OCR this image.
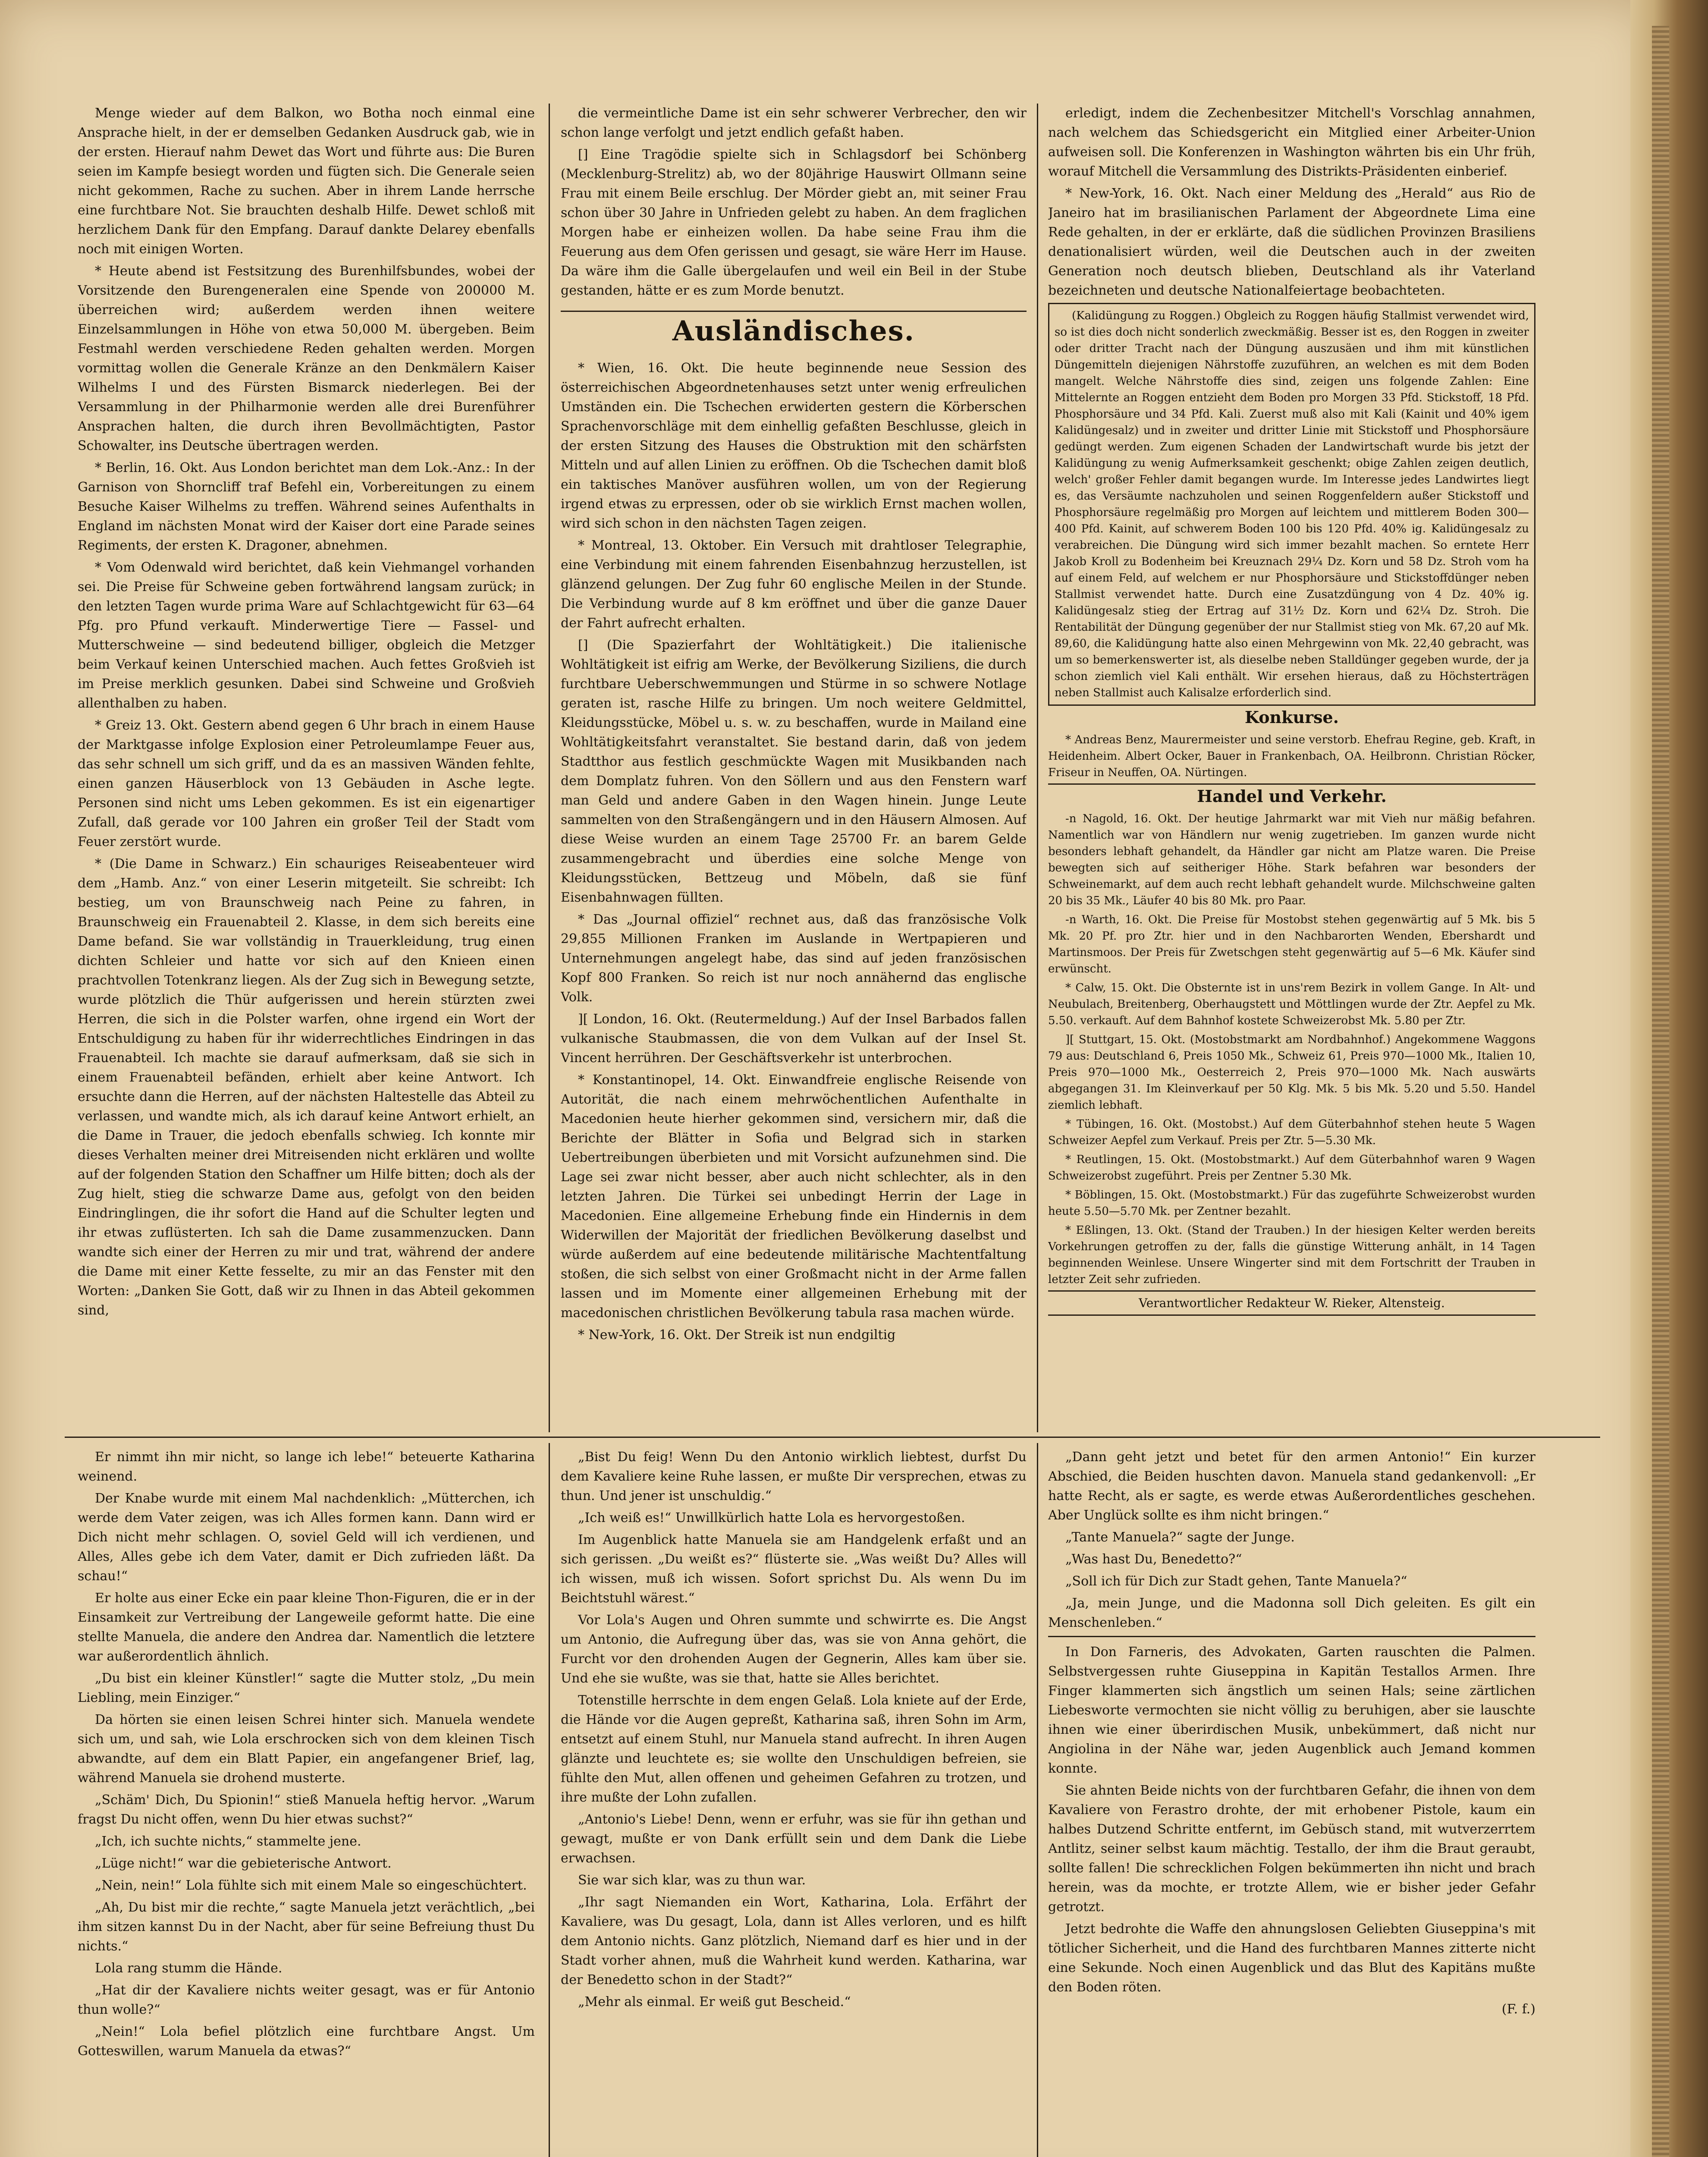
Menge wieder auf dem Balkon, wo Botha noch einmal eine Ansprache hielt, in der er demselben Gedanken Ausdruck gab, wie in der ersten. Hierauf nahm Dewet das Wort und führte aus: Die Buren seien im Kampfe besiegt worden und fügten sich. Die Generale seien nicht gekommen, Rache zu suchen. Aber in ihrem Lande herrsche eine furchtbare Not. Sie brauchten deshalb Hilfe. Dewet schloß mit herzlichem Dank für den Empfang. Darauf dankte Delarey ebenfalls noch mit einigen Worten.

* Heute abend ist Festsitzung des Burenhilfsbundes, wobei der Vorsitzende den Burengeneralen eine Spende von 200000 M. überreichen wird; außerdem werden ihnen weitere Einzelsammlungen in Höhe von etwa 50,000 M. übergeben. Beim Festmahl werden verschiedene Reden gehalten werden. Morgen vormittag wollen die Generale Kränze an den Denkmälern Kaiser Wilhelms I und des Fürsten Bismarck niederlegen. Bei der Versammlung in der Philharmonie werden alle drei Burenführer Ansprachen halten, die durch ihren Bevollmächtigten, Pastor Schowalter, ins Deutsche übertragen werden.

* Berlin, 16. Okt. Aus London berichtet man dem Lok.-Anz.: In der Garnison von Shorncliff traf Befehl ein, Vorbereitungen zu einem Besuche Kaiser Wilhelms zu treffen. Während seines Aufenthalts in England im nächsten Monat wird der Kaiser dort eine Parade seines Regiments, der ersten K. Dragoner, abnehmen.

* Vom Odenwald wird berichtet, daß kein Viehmangel vorhanden sei. Die Preise für Schweine geben fortwährend langsam zurück; in den letzten Tagen wurde prima Ware auf Schlachtgewicht für 63—64 Pfg. pro Pfund verkauft. Minderwertige Tiere — Fassel- und Mutterschweine — sind bedeutend billiger, obgleich die Metzger beim Verkauf keinen Unterschied machen. Auch fettes Großvieh ist im Preise merklich gesunken. Dabei sind Schweine und Großvieh allenthalben zu haben.

* Greiz 13. Okt. Gestern abend gegen 6 Uhr brach in einem Hause der Marktgasse infolge Explosion einer Petroleumlampe Feuer aus, das sehr schnell um sich griff, und da es an massiven Wänden fehlte, einen ganzen Häuserblock von 13 Gebäuden in Asche legte. Personen sind nicht ums Leben gekommen. Es ist ein eigenartiger Zufall, daß gerade vor 100 Jahren ein großer Teil der Stadt vom Feuer zerstört wurde.

* (Die Dame in Schwarz.) Ein schauriges Reiseabenteuer wird dem „Hamb. Anz.“ von einer Leserin mitgeteilt. Sie schreibt: Ich bestieg, um von Braunschweig nach Peine zu fahren, in Braunschweig ein Frauenabteil 2. Klasse, in dem sich bereits eine Dame befand. Sie war vollständig in Trauerkleidung, trug einen dichten Schleier und hatte vor sich auf den Knieen einen prachtvollen Totenkranz liegen. Als der Zug sich in Bewegung setzte, wurde plötzlich die Thür aufgerissen und herein stürzten zwei Herren, die sich in die Polster warfen, ohne irgend ein Wort der Entschuldigung zu haben für ihr widerrechtliches Eindringen in das Frauenabteil. Ich machte sie darauf aufmerksam, daß sie sich in einem Frauenabteil befänden, erhielt aber keine Antwort. Ich ersuchte dann die Herren, auf der nächsten Haltestelle das Abteil zu verlassen, und wandte mich, als ich darauf keine Antwort erhielt, an die Dame in Trauer, die jedoch ebenfalls schwieg. Ich konnte mir dieses Verhalten meiner drei Mitreisenden nicht erklären und wollte auf der folgenden Station den Schaffner um Hilfe bitten; doch als der Zug hielt, stieg die schwarze Dame aus, gefolgt von den beiden Eindringlingen, die ihr sofort die Hand auf die Schulter legten und ihr etwas zuflüsterten. Ich sah die Dame zusammenzucken. Dann wandte sich einer der Herren zu mir und trat, während der andere die Dame mit einer Kette fesselte, zu mir an das Fenster mit den Worten: „Danken Sie Gott, daß wir zu Ihnen in das Abteil gekommen sind,

die vermeintliche Dame ist ein sehr schwerer Verbrecher, den wir schon lange verfolgt und jetzt endlich gefaßt haben.

[] Eine Tragödie spielte sich in Schlagsdorf bei Schönberg (Mecklenburg-Strelitz) ab, wo der 80jährige Hauswirt Ollmann seine Frau mit einem Beile erschlug. Der Mörder giebt an, mit seiner Frau schon über 30 Jahre in Unfrieden gelebt zu haben. An dem fraglichen Morgen habe er einheizen wollen. Da habe seine Frau ihm die Feuerung aus dem Ofen gerissen und gesagt, sie wäre Herr im Hause. Da wäre ihm die Galle übergelaufen und weil ein Beil in der Stube gestanden, hätte er es zum Morde benutzt.

Ausländisches.

* Wien, 16. Okt. Die heute beginnende neue Session des österreichischen Abgeordnetenhauses setzt unter wenig erfreulichen Umständen ein. Die Tschechen erwiderten gestern die Körberschen Sprachenvorschläge mit dem einhellig gefaßten Beschlusse, gleich in der ersten Sitzung des Hauses die Obstruktion mit den schärfsten Mitteln und auf allen Linien zu eröffnen. Ob die Tschechen damit bloß ein taktisches Manöver ausführen wollen, um von der Regierung irgend etwas zu erpressen, oder ob sie wirklich Ernst machen wollen, wird sich schon in den nächsten Tagen zeigen.

* Montreal, 13. Oktober. Ein Versuch mit drahtloser Telegraphie, eine Verbindung mit einem fahrenden Eisenbahnzug herzustellen, ist glänzend gelungen. Der Zug fuhr 60 englische Meilen in der Stunde. Die Verbindung wurde auf 8 km eröffnet und über die ganze Dauer der Fahrt aufrecht erhalten.

[] (Die Spazierfahrt der Wohltätigkeit.) Die italienische Wohltätigkeit ist eifrig am Werke, der Bevölkerung Siziliens, die durch furchtbare Ueberschwemmungen und Stürme in so schwere Notlage geraten ist, rasche Hilfe zu bringen. Um noch weitere Geldmittel, Kleidungsstücke, Möbel u. s. w. zu beschaffen, wurde in Mailand eine Wohltätigkeitsfahrt veranstaltet. Sie bestand darin, daß von jedem Stadtthor aus festlich geschmückte Wagen mit Musikbanden nach dem Domplatz fuhren. Von den Söllern und aus den Fenstern warf man Geld und andere Gaben in den Wagen hinein. Junge Leute sammelten von den Straßengängern und in den Häusern Almosen. Auf diese Weise wurden an einem Tage 25700 Fr. an barem Gelde zusammengebracht und überdies eine solche Menge von Kleidungsstücken, Bettzeug und Möbeln, daß sie fünf Eisenbahnwagen füllten.

* Das „Journal offiziel“ rechnet aus, daß das französische Volk 29,855 Millionen Franken im Auslande in Wertpapieren und Unternehmungen angelegt habe, das sind auf jeden französischen Kopf 800 Franken. So reich ist nur noch annähernd das englische Volk.

][ London, 16. Okt. (Reutermeldung.) Auf der Insel Barbados fallen vulkanische Staubmassen, die von dem Vulkan auf der Insel St. Vincent herrühren. Der Geschäftsverkehr ist unterbrochen.

* Konstantinopel, 14. Okt. Einwandfreie englische Reisende von Autorität, die nach einem mehrwöchentlichen Aufenthalte in Macedonien heute hierher gekommen sind, versichern mir, daß die Berichte der Blätter in Sofia und Belgrad sich in starken Uebertreibungen überbieten und mit Vorsicht aufzunehmen sind. Die Lage sei zwar nicht besser, aber auch nicht schlechter, als in den letzten Jahren. Die Türkei sei unbedingt Herrin der Lage in Macedonien. Eine allgemeine Erhebung finde ein Hindernis in dem Widerwillen der Majorität der friedlichen Bevölkerung daselbst und würde außerdem auf eine bedeutende militärische Machtentfaltung stoßen, die sich selbst von einer Großmacht nicht in der Arme fallen lassen und im Momente einer allgemeinen Erhebung mit der macedonischen christlichen Bevölkerung tabula rasa machen würde.

* New-York, 16. Okt. Der Streik ist nun endgiltig

erledigt, indem die Zechenbesitzer Mitchell's Vorschlag annahmen, nach welchem das Schiedsgericht ein Mitglied einer Arbeiter-Union aufweisen soll. Die Konferenzen in Washington währten bis ein Uhr früh, worauf Mitchell die Versammlung des Distrikts-Präsidenten einberief.

* New-York, 16. Okt. Nach einer Meldung des „Herald“ aus Rio de Janeiro hat im brasilianischen Parlament der Abgeordnete Lima eine Rede gehalten, in der er erklärte, daß die südlichen Provinzen Brasiliens denationalisiert würden, weil die Deutschen auch in der zweiten Generation noch deutsch blieben, Deutschland als ihr Vaterland bezeichneten und deutsche Nationalfeiertage beobachteten.

(Kalidüngung zu Roggen.) Obgleich zu Roggen häufig Stallmist verwendet wird, so ist dies doch nicht sonderlich zweckmäßig. Besser ist es, den Roggen in zweiter oder dritter Tracht nach der Düngung auszusäen und ihm mit künstlichen Düngemitteln diejenigen Nährstoffe zuzuführen, an welchen es mit dem Boden mangelt. Welche Nährstoffe dies sind, zeigen uns folgende Zahlen: Eine Mittelernte an Roggen entzieht dem Boden pro Morgen 33 Pfd. Stickstoff, 18 Pfd. Phosphorsäure und 34 Pfd. Kali. Zuerst muß also mit Kali (Kainit und 40% igem Kalidüngesalz) und in zweiter und dritter Linie mit Stickstoff und Phosphorsäure gedüngt werden. Zum eigenen Schaden der Landwirtschaft wurde bis jetzt der Kalidüngung zu wenig Aufmerksamkeit geschenkt; obige Zahlen zeigen deutlich, welch' großer Fehler damit begangen wurde. Im Interesse jedes Landwirtes liegt es, das Versäumte nachzuholen und seinen Roggenfeldern außer Stickstoff und Phosphorsäure regelmäßig pro Morgen auf leichtem und mittlerem Boden 300—400 Pfd. Kainit, auf schwerem Boden 100 bis 120 Pfd. 40% ig. Kalidüngesalz zu verabreichen. Die Düngung wird sich immer bezahlt machen. So erntete Herr Jakob Kroll zu Bodenheim bei Kreuznach 29¼ Dz. Korn und 58 Dz. Stroh vom ha auf einem Feld, auf welchem er nur Phosphorsäure und Stickstoffdünger neben Stallmist verwendet hatte. Durch eine Zusatzdüngung von 4 Dz. 40% ig. Kalidüngesalz stieg der Ertrag auf 31½ Dz. Korn und 62¼ Dz. Stroh. Die Rentabilität der Düngung gegenüber der nur Stallmist stieg von Mk. 67,20 auf Mk. 89,60, die Kalidüngung hatte also einen Mehrgewinn von Mk. 22,40 gebracht, was um so bemerkenswerter ist, als dieselbe neben Stalldünger gegeben wurde, der ja schon ziemlich viel Kali enthält. Wir ersehen hieraus, daß zu Höchsterträgen neben Stallmist auch Kalisalze erforderlich sind.

Konkurse.

* Andreas Benz, Maurermeister und seine verstorb. Ehefrau Regine, geb. Kraft, in Heidenheim. Albert Ocker, Bauer in Frankenbach, OA. Heilbronn. Christian Röcker, Friseur in Neuffen, OA. Nürtingen.

Handel und Verkehr.

-n Nagold, 16. Okt. Der heutige Jahrmarkt war mit Vieh nur mäßig befahren. Namentlich war von Händlern nur wenig zugetrieben. Im ganzen wurde nicht besonders lebhaft gehandelt, da Händler gar nicht am Platze waren. Die Preise bewegten sich auf seitheriger Höhe. Stark befahren war besonders der Schweinemarkt, auf dem auch recht lebhaft gehandelt wurde. Milchschweine galten 20 bis 35 Mk., Läufer 40 bis 80 Mk. pro Paar.

-n Warth, 16. Okt. Die Preise für Mostobst stehen gegenwärtig auf 5 Mk. bis 5 Mk. 20 Pf. pro Ztr. hier und in den Nachbarorten Wenden, Ebershardt und Martinsmoos. Der Preis für Zwetschgen steht gegenwärtig auf 5—6 Mk. Käufer sind erwünscht.

* Calw, 15. Okt. Die Obsternte ist in uns'rem Bezirk in vollem Gange. In Alt- und Neubulach, Breitenberg, Oberhaugstett und Möttlingen wurde der Ztr. Aepfel zu Mk. 5.50. verkauft. Auf dem Bahnhof kostete Schweizerobst Mk. 5.80 per Ztr.

][ Stuttgart, 15. Okt. (Mostobstmarkt am Nordbahnhof.) Angekommene Waggons 79 aus: Deutschland 6, Preis 1050 Mk., Schweiz 61, Preis 970—1000 Mk., Italien 10, Preis 970—1000 Mk., Oesterreich 2, Preis 970—1000 Mk. Nach auswärts abgegangen 31. Im Kleinverkauf per 50 Klg. Mk. 5 bis Mk. 5.20 und 5.50. Handel ziemlich lebhaft.

* Tübingen, 16. Okt. (Mostobst.) Auf dem Güterbahnhof stehen heute 5 Wagen Schweizer Aepfel zum Verkauf. Preis per Ztr. 5—5.30 Mk.

* Reutlingen, 15. Okt. (Mostobstmarkt.) Auf dem Güterbahnhof waren 9 Wagen Schweizerobst zugeführt. Preis per Zentner 5.30 Mk.

* Böblingen, 15. Okt. (Mostobstmarkt.) Für das zugeführte Schweizerobst wurden heute 5.50—5.70 Mk. per Zentner bezahlt.

* Eßlingen, 13. Okt. (Stand der Trauben.) In der hiesigen Kelter werden bereits Vorkehrungen getroffen zu der, falls die günstige Witterung anhält, in 14 Tagen beginnenden Weinlese. Unsere Wingerter sind mit dem Fortschritt der Trauben in letzter Zeit sehr zufrieden.

Verantwortlicher Redakteur W. Rieker, Altensteig.

Er nimmt ihn mir nicht, so lange ich lebe!“ beteuerte Katharina weinend.

Der Knabe wurde mit einem Mal nachdenklich: „Mütterchen, ich werde dem Vater zeigen, was ich Alles formen kann. Dann wird er Dich nicht mehr schlagen. O, soviel Geld will ich verdienen, und Alles, Alles gebe ich dem Vater, damit er Dich zufrieden läßt. Da schau!“

Er holte aus einer Ecke ein paar kleine Thon-Figuren, die er in der Einsamkeit zur Vertreibung der Langeweile geformt hatte. Die eine stellte Manuela, die andere den Andrea dar. Namentlich die letztere war außerordentlich ähnlich.

„Du bist ein kleiner Künstler!“ sagte die Mutter stolz, „Du mein Liebling, mein Einziger.“

Da hörten sie einen leisen Schrei hinter sich. Manuela wendete sich um, und sah, wie Lola erschrocken sich von dem kleinen Tisch abwandte, auf dem ein Blatt Papier, ein angefangener Brief, lag, während Manuela sie drohend musterte.

„Schäm' Dich, Du Spionin!“ stieß Manuela heftig hervor. „Warum fragst Du nicht offen, wenn Du hier etwas suchst?“

„Ich, ich suchte nichts,“ stammelte jene.

„Lüge nicht!“ war die gebieterische Antwort.

„Nein, nein!“ Lola fühlte sich mit einem Male so eingeschüchtert.

„Ah, Du bist mir die rechte,“ sagte Manuela jetzt verächtlich, „bei ihm sitzen kannst Du in der Nacht, aber für seine Befreiung thust Du nichts.“

Lola rang stumm die Hände.

„Hat dir der Kavaliere nichts weiter gesagt, was er für Antonio thun wolle?“

„Nein!“ Lola befiel plötzlich eine furchtbare Angst. Um Gotteswillen, warum Manuela da etwas?“

„Bist Du feig! Wenn Du den Antonio wirklich liebtest, durfst Du dem Kavaliere keine Ruhe lassen, er mußte Dir versprechen, etwas zu thun. Und jener ist unschuldig.“

„Ich weiß es!“ Unwillkürlich hatte Lola es hervorgestoßen.

Im Augenblick hatte Manuela sie am Handgelenk erfaßt und an sich gerissen. „Du weißt es?“ flüsterte sie. „Was weißt Du? Alles will ich wissen, muß ich wissen. Sofort sprichst Du. Als wenn Du im Beichtstuhl wärest.“

Vor Lola's Augen und Ohren summte und schwirrte es. Die Angst um Antonio, die Aufregung über das, was sie von Anna gehört, die Furcht vor den drohenden Augen der Gegnerin, Alles kam über sie. Und ehe sie wußte, was sie that, hatte sie Alles berichtet.

Totenstille herrschte in dem engen Gelaß. Lola kniete auf der Erde, die Hände vor die Augen gepreßt, Katharina saß, ihren Sohn im Arm, entsetzt auf einem Stuhl, nur Manuela stand aufrecht. In ihren Augen glänzte und leuchtete es; sie wollte den Unschuldigen befreien, sie fühlte den Mut, allen offenen und geheimen Gefahren zu trotzen, und ihre mußte der Lohn zufallen.

„Antonio's Liebe! Denn, wenn er erfuhr, was sie für ihn gethan und gewagt, mußte er von Dank erfüllt sein und dem Dank die Liebe erwachsen.

Sie war sich klar, was zu thun war.

„Ihr sagt Niemanden ein Wort, Katharina, Lola. Erfährt der Kavaliere, was Du gesagt, Lola, dann ist Alles verloren, und es hilft dem Antonio nichts. Ganz plötzlich, Niemand darf es hier und in der Stadt vorher ahnen, muß die Wahrheit kund werden. Katharina, war der Benedetto schon in der Stadt?“

„Mehr als einmal. Er weiß gut Bescheid.“

„Dann geht jetzt und betet für den armen Antonio!“ Ein kurzer Abschied, die Beiden huschten davon. Manuela stand gedankenvoll: „Er hatte Recht, als er sagte, es werde etwas Außerordentliches geschehen. Aber Unglück sollte es ihm nicht bringen.“

„Tante Manuela?“ sagte der Junge.

„Was hast Du, Benedetto?“

„Soll ich für Dich zur Stadt gehen, Tante Manuela?“

„Ja, mein Junge, und die Madonna soll Dich geleiten. Es gilt ein Menschenleben.“

In Don Farneris, des Advokaten, Garten rauschten die Palmen. Selbstvergessen ruhte Giuseppina in Kapitän Testallos Armen. Ihre Finger klammerten sich ängstlich um seinen Hals; seine zärtlichen Liebesworte vermochten sie nicht völlig zu beruhigen, aber sie lauschte ihnen wie einer überirdischen Musik, unbekümmert, daß nicht nur Angiolina in der Nähe war, jeden Augenblick auch Jemand kommen konnte.

Sie ahnten Beide nichts von der furchtbaren Gefahr, die ihnen von dem Kavaliere von Ferastro drohte, der mit erhobener Pistole, kaum ein halbes Dutzend Schritte entfernt, im Gebüsch stand, mit wutverzerrtem Antlitz, seiner selbst kaum mächtig. Testallo, der ihm die Braut geraubt, sollte fallen! Die schrecklichen Folgen bekümmerten ihn nicht und brach herein, was da mochte, er trotzte Allem, wie er bisher jeder Gefahr getrotzt.

Jetzt bedrohte die Waffe den ahnungslosen Geliebten Giuseppina's mit tötlicher Sicherheit, und die Hand des furchtbaren Mannes zitterte nicht eine Sekunde. Noch einen Augenblick und das Blut des Kapitäns mußte den Boden röten.

(F. f.)
